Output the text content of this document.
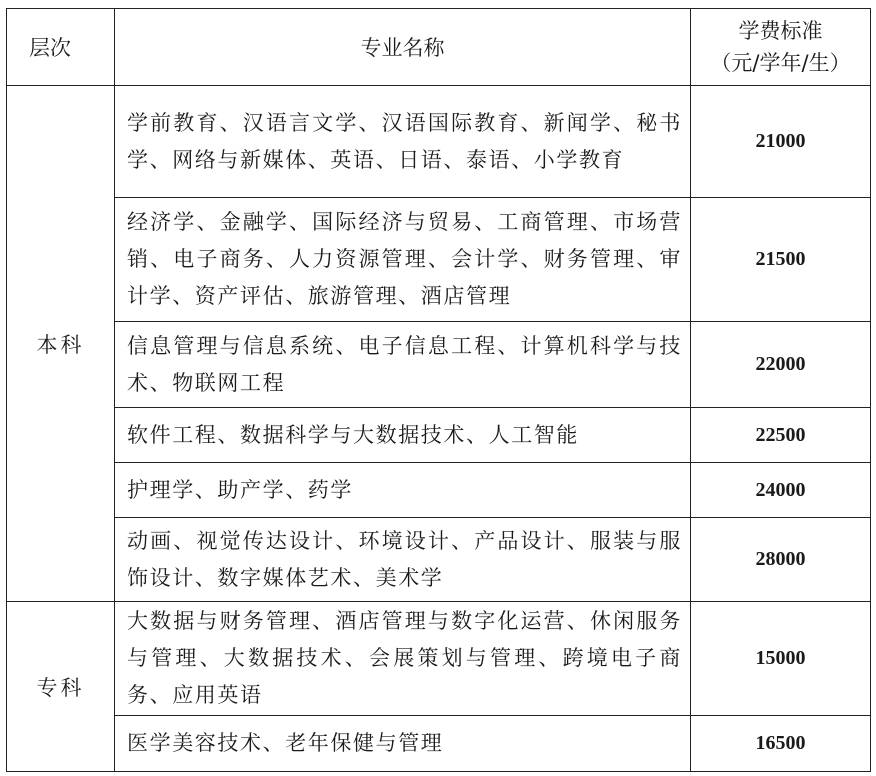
层次	专业名称	学费标准
（元/学年/生）

本科	学前教育、汉语言文学、汉语国际教育、新闻学、秘书学、网络与新媒体、英语、日语、泰语、小学教育	21000
	经济学、金融学、国际经济与贸易、工商管理、市场营销、电子商务、人力资源管理、会计学、财务管理、审计学、资产评估、旅游管理、酒店管理	21500
	信息管理与信息系统、电子信息工程、计算机科学与技术、物联网工程	22000
	软件工程、数据科学与大数据技术、人工智能	22500
	护理学、助产学、药学	24000
	动画、视觉传达设计、环境设计、产品设计、服装与服饰设计、数字媒体艺术、美术学	28000
专科	大数据与财务管理、酒店管理与数字化运营、休闲服务与管理、大数据技术、会展策划与管理、跨境电子商务、应用英语	15000
	医学美容技术、老年保健与管理	16500
